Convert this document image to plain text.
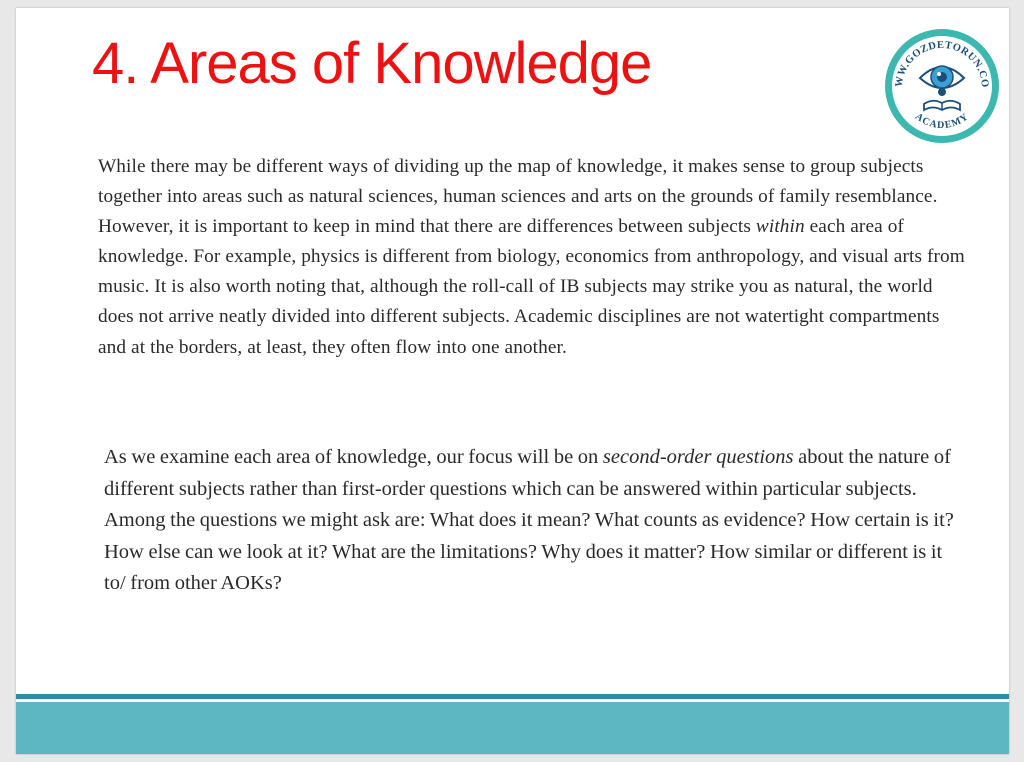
4. Areas of Knowledge	WW.GOZDETORUN.CO
ACADEMY

While there may be different ways of dividing up the map of knowledge, it makes sense to group subjects together into areas such as natural sciences, human sciences and arts on the grounds of family resemblance. However, it is important to keep in mind that there are differences between subjects within each area of knowledge. For example, physics is different from biology, economics from anthropology, and visual arts from music. It is also worth noting that, although the roll-call of IB subjects may strike you as natural, the world does not arrive neatly divided into different subjects. Academic disciplines are not watertight compartments and at the borders, at least, they often flow into one another.

As we examine each area of knowledge, our focus will be on second-order questions about the nature of different subjects rather than first-order questions which can be answered within particular subjects. Among the questions we might ask are: What does it mean? What counts as evidence? How certain is it? How else can we look at it? What are the limitations? Why does it matter? How similar or different is it to/ from other AOKs?
